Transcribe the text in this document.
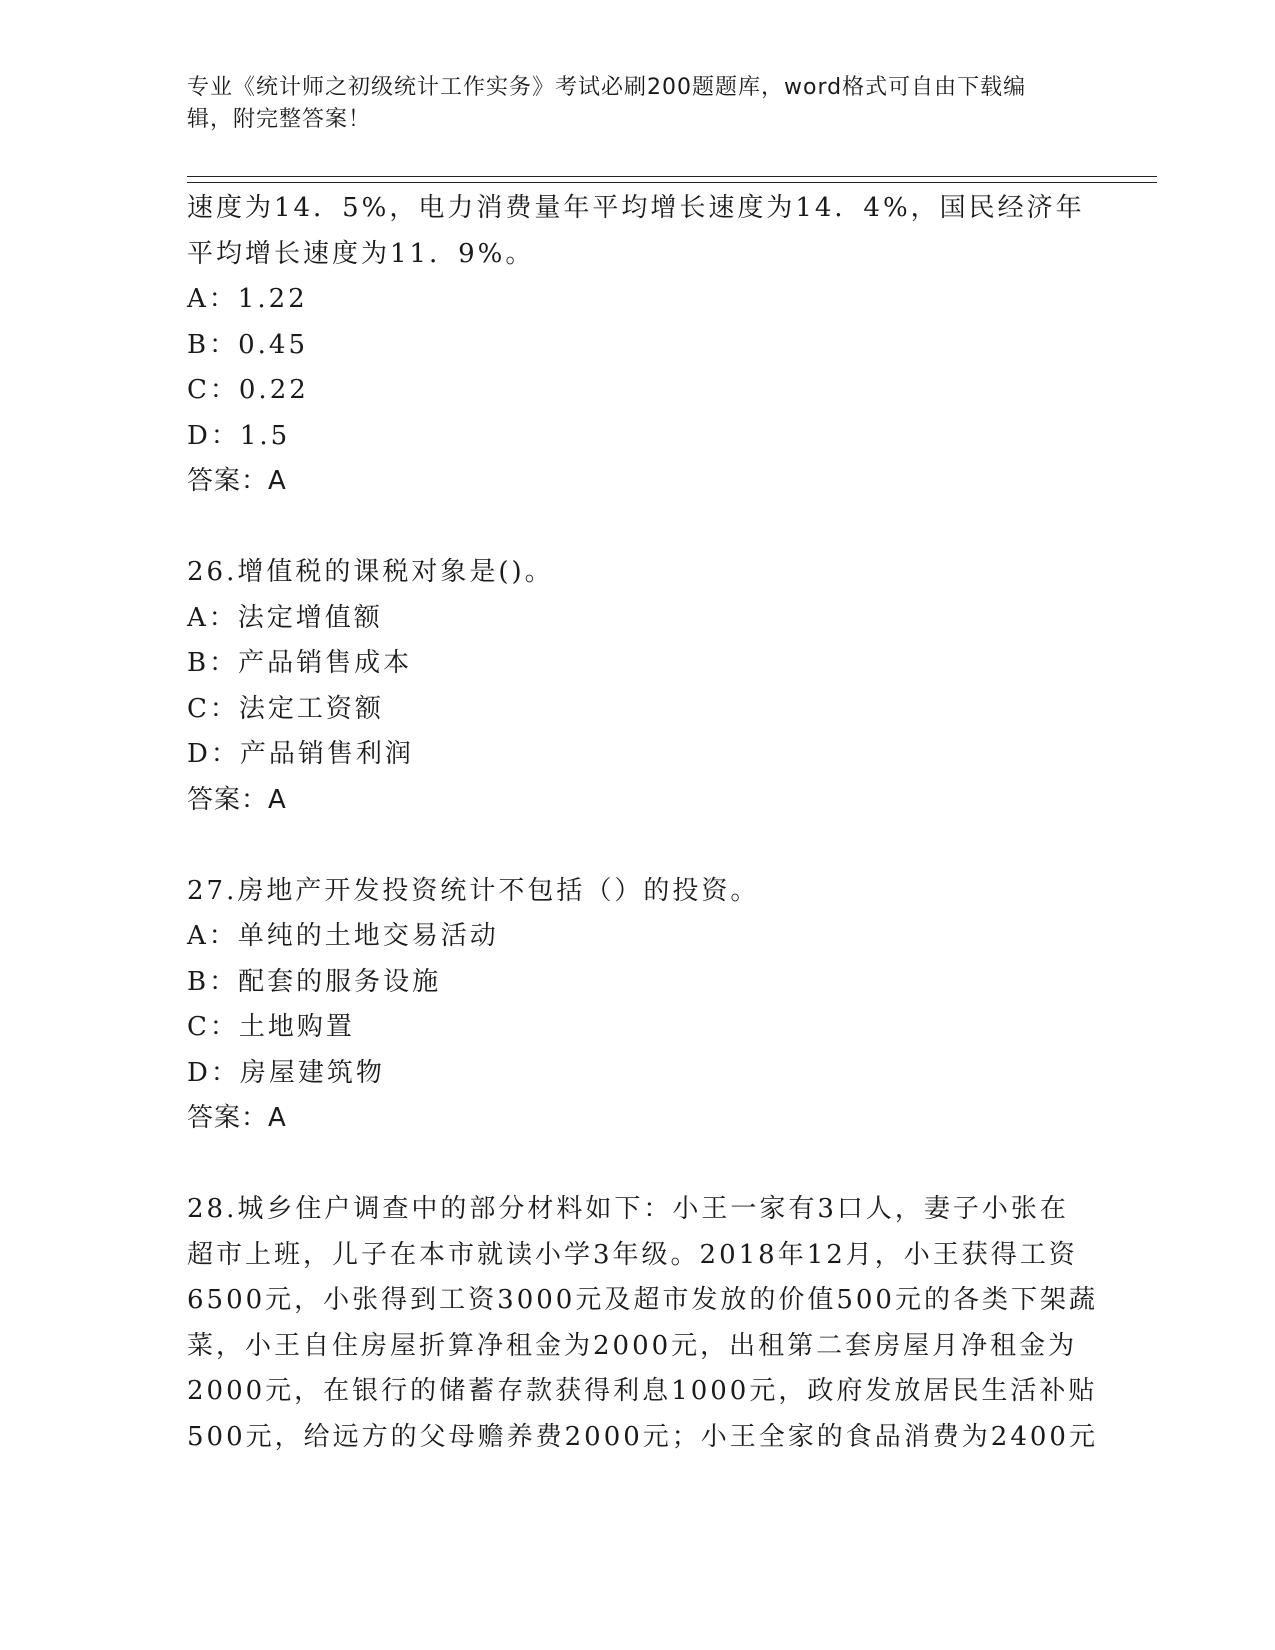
专业《统计师之初级统计工作实务》考试必刷200题题库，word格式可自由下载编辑，附完整答案！
速度为14．5%，电力消费量年平均增长速度为14．4%，国民经济年
平均增长速度为11．9%。
A：1.22
B：0.45
C：0.22
D：1.5
答案：A
26.增值税的课税对象是()。
A：法定增值额
B：产品销售成本
C：法定工资额
D：产品销售利润
答案：A
27.房地产开发投资统计不包括（）的投资。
A：单纯的土地交易活动
B：配套的服务设施
C：土地购置
D：房屋建筑物
答案：A
28.城乡住户调查中的部分材料如下：小王一家有3口人，妻子小张在
超市上班，儿子在本市就读小学3年级。2018年12月，小王获得工资
6500元，小张得到工资3000元及超市发放的价值500元的各类下架蔬
菜，小王自住房屋折算净租金为2000元，出租第二套房屋月净租金为
2000元，在银行的储蓄存款获得利息1000元，政府发放居民生活补贴
500元，给远方的父母赡养费2000元；小王全家的食品消费为2400元
